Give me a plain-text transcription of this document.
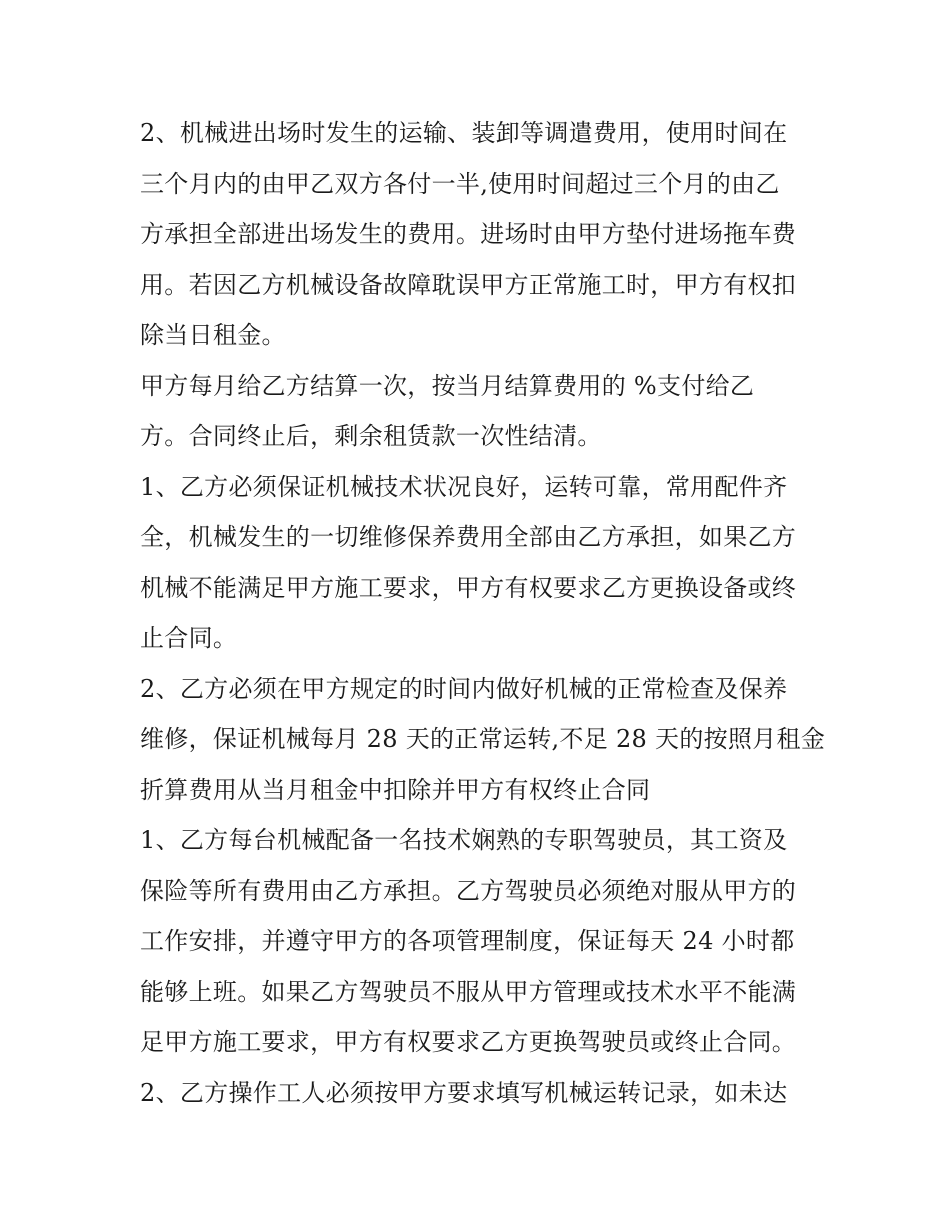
2、机械进出场时发生的运输、装卸等调遣费用，使用时间在
三个月内的由甲乙双方各付一半,使用时间超过三个月的由乙
方承担全部进出场发生的费用。进场时由甲方垫付进场拖车费
用。若因乙方机械设备故障耽误甲方正常施工时，甲方有权扣
除当日租金。
甲方每月给乙方结算一次，按当月结算费用的 %支付给乙
方。合同终止后，剩余租赁款一次性结清。
1、乙方必须保证机械技术状况良好，运转可靠，常用配件齐
全，机械发生的一切维修保养费用全部由乙方承担，如果乙方
机械不能满足甲方施工要求，甲方有权要求乙方更换设备或终
止合同。
2、乙方必须在甲方规定的时间内做好机械的正常检查及保养
维修，保证机械每月 28 天的正常运转,不足 28 天的按照月租金
折算费用从当月租金中扣除并甲方有权终止合同
1、乙方每台机械配备一名技术娴熟的专职驾驶员，其工资及
保险等所有费用由乙方承担。乙方驾驶员必须绝对服从甲方的
工作安排，并遵守甲方的各项管理制度，保证每天 24 小时都
能够上班。如果乙方驾驶员不服从甲方管理或技术水平不能满
足甲方施工要求，甲方有权要求乙方更换驾驶员或终止合同。
2、乙方操作工人必须按甲方要求填写机械运转记录，如未达
